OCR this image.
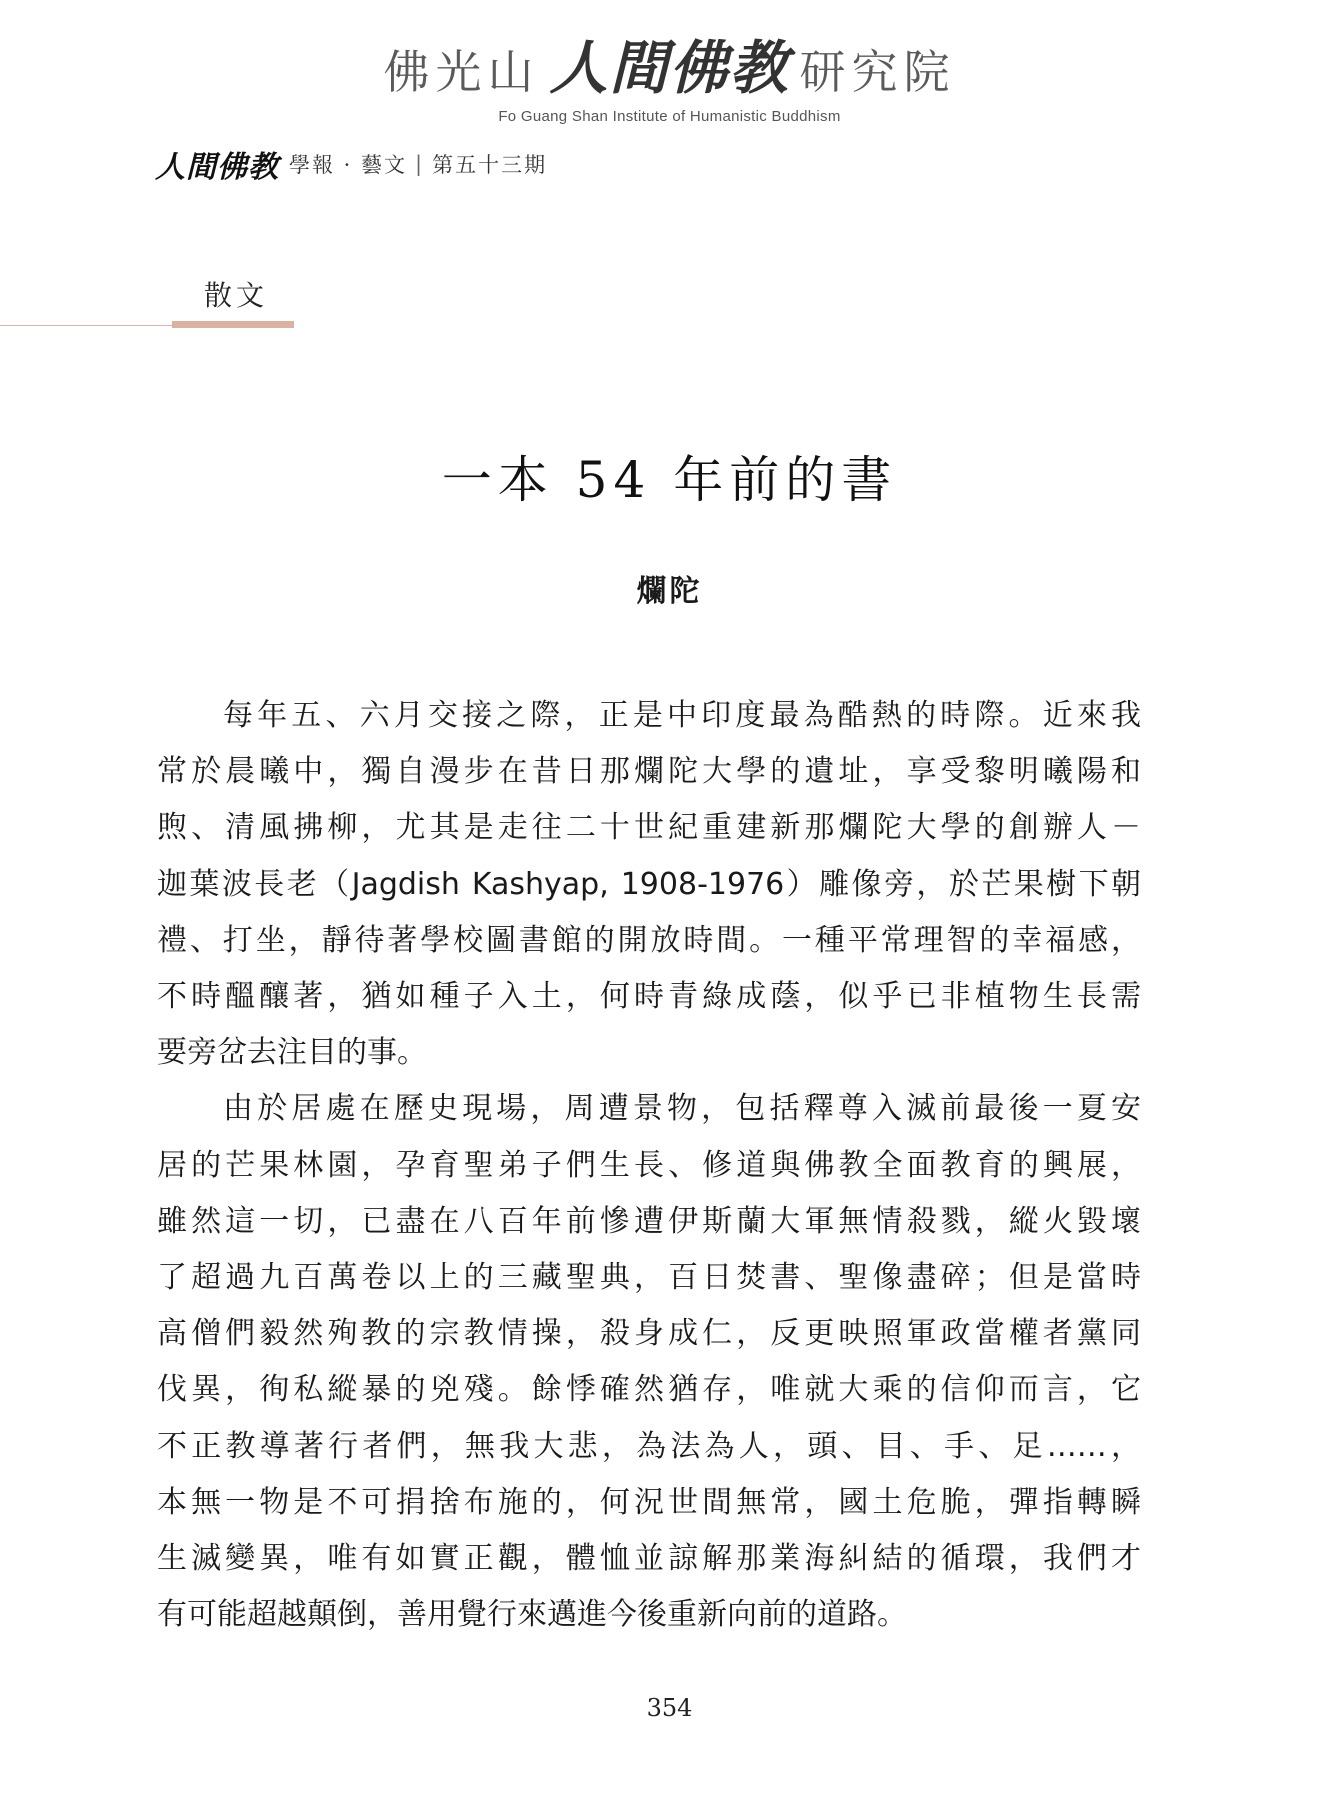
佛光山 人間佛教 研究院
Fo Guang Shan Institute of Humanistic Buddhism
人間佛教 學報 · 藝文 | 第五十三期
散文
一本 54 年前的書
爛陀
每年五、六月交接之際，正是中印度最為酷熱的時際。近來我
常於晨曦中，獨自漫步在昔日那爛陀大學的遺址，享受黎明曦陽和
煦、清風拂柳，尤其是走往二十世紀重建新那爛陀大學的創辦人－
迦葉波長老（Jagdish Kashyap, 1908-1976）雕像旁，於芒果樹下朝
禮、打坐，靜待著學校圖書館的開放時間。一種平常理智的幸福感，
不時醞釀著，猶如種子入土，何時青綠成蔭，似乎已非植物生長需
要旁岔去注目的事。
由於居處在歷史現場，周遭景物，包括釋尊入滅前最後一夏安
居的芒果林園，孕育聖弟子們生長、修道與佛教全面教育的興展，
雖然這一切，已盡在八百年前慘遭伊斯蘭大軍無情殺戮，縱火毀壞
了超過九百萬卷以上的三藏聖典，百日焚書、聖像盡碎；但是當時
高僧們毅然殉教的宗教情操，殺身成仁，反更映照軍政當權者黨同
伐異，徇私縱暴的兇殘。餘悸確然猶存，唯就大乘的信仰而言，它
不正教導著行者們，無我大悲，為法為人，頭、目、手、足……，
本無一物是不可捐捨布施的，何況世間無常，國土危脆，彈指轉瞬
生滅變異，唯有如實正觀，體恤並諒解那業海糾結的循環，我們才
有可能超越顛倒，善用覺行來邁進今後重新向前的道路。
354
